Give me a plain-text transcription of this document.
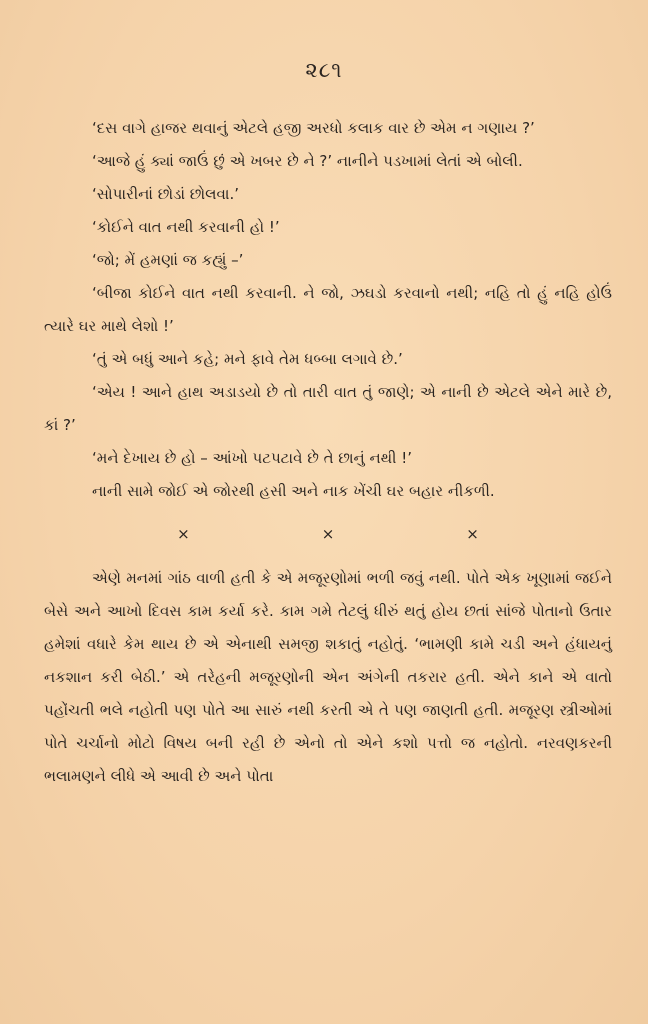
૨૮૧

‘દસ વાગે હાજર થવાનું એટલે હજી અરધો કલાક વાર છે એમ ન ગણાય ?’

‘આજે હું ક્યાં જાઉં છું એ ખબર છે ને ?’ નાનીને પડખામાં લેતાં એ બોલી.

‘સોપારીનાં છોડાં છોલવા.’

‘કોઈને વાત નથી કરવાની હો !’

‘જો; મેં હમણાં જ કહ્યું –’

‘બીજા કોઈને વાત નથી કરવાની. ને જો, ઝઘડો કરવાનો નથી; નહિ તો હું નહિ હોઉં ત્યારે ઘર માથે લેશો !’

‘તું એ બધું આને કહે; મને ફાવે તેમ ધબ્બા લગાવે છે.’

‘એય ! આને હાથ અડાડયો છે તો તારી વાત તું જાણે; એ નાની છે એટલે એને મારે છે, કાં ?’

‘મને દેખાય છે હો – આંખો પટપટાવે છે તે છાનું નથી !’

નાની સામે જોઈ એ જોરથી હસી અને નાક ખેંચી ઘર બહાર નીકળી.

×	×	×

એણે મનમાં ગાંઠ વાળી હતી કે એ મજૂરણોમાં ભળી જવું નથી. પોતે એક ખૂણામાં જઈને બેસે અને આખો દિવસ કામ કર્યા કરે. કામ ગમે તેટલું ધીરું થતું હોય છતાં સાંજે પોતાનો ઉતાર હમેશાં વધારે કેમ થાય છે એ એનાથી સમજી શકાતું નહોતું. ‘ભામણી કામે ચડી અને હંધાયનું નકશાન કરી બેઠી.’ એ તરેહની મજૂરણોની એન અંગેની તકરાર હતી. એને કાને એ વાતો પહોંચતી ભલે નહોતી પણ પોતે આ સારું નથી કરતી એ તે પણ જાણતી હતી. મજૂરણ સ્ત્રીઓમાં પોતે ચર્ચાનો મોટો વિષય બની રહી છે એનો તો એને કશો પત્તો જ નહોતો. નરવણકરની ભલામણને લીધે એ આવી છે અને પોતા
